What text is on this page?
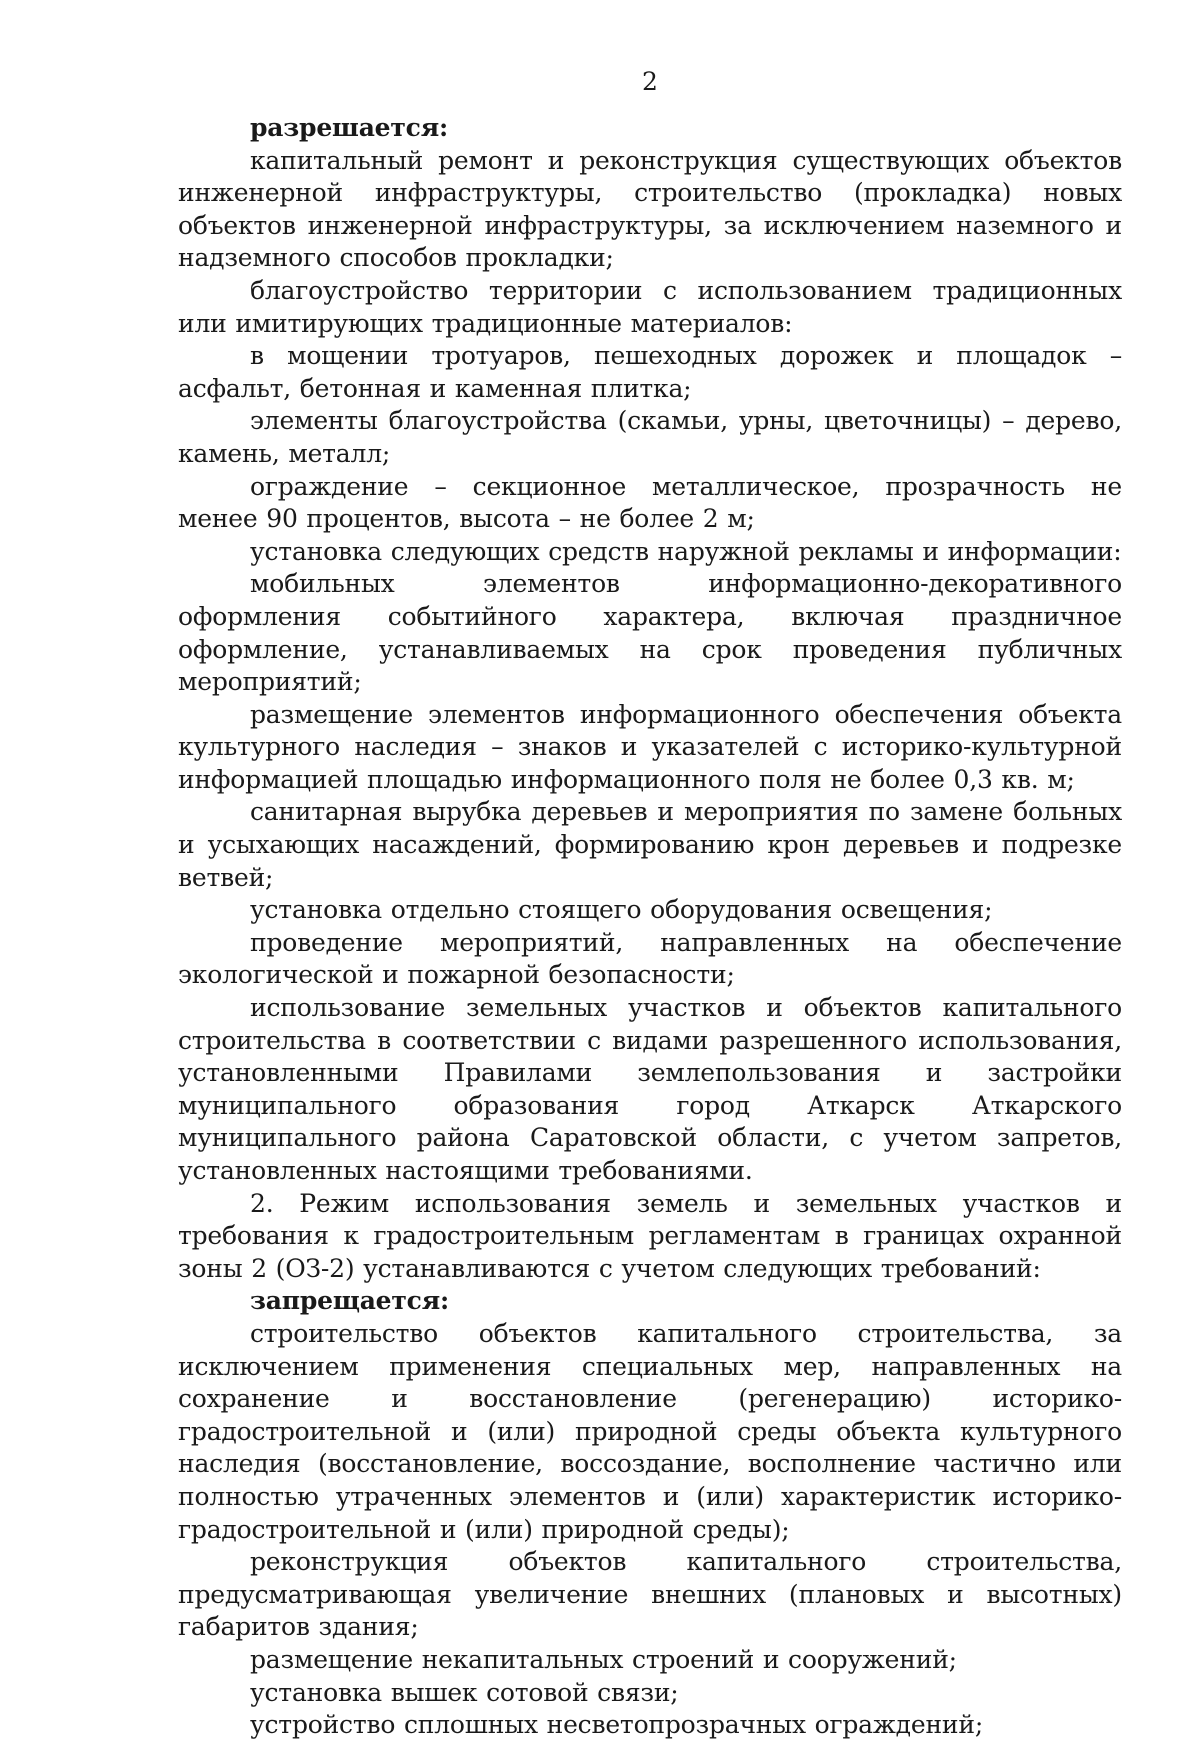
2

разрешается:

капитальный ремонт и реконструкция существующих объектов инженерной инфраструктуры, строительство (прокладка) новых объектов инженерной инфраструктуры, за исключением наземного и надземного способов прокладки;

благоустройство территории с использованием традиционных или имитирующих традиционные материалов:

в мощении тротуаров, пешеходных дорожек и площадок – асфальт, бетонная и каменная плитка;

элементы благоустройства (скамьи, урны, цветочницы) – дерево, камень, металл;

ограждение – секционное металлическое, прозрачность не менее 90 процентов, высота – не более 2 м;

установка следующих средств наружной рекламы и информации:

мобильных элементов информационно-декоративного оформления событийного характера, включая праздничное оформление, устанавливаемых на срок проведения публичных мероприятий;

размещение элементов информационного обеспечения объекта культурного наследия – знаков и указателей с историко-культурной информацией площадью информационного поля не более 0,3 кв. м;

санитарная вырубка деревьев и мероприятия по замене больных и усыхающих насаждений, формированию крон деревьев и подрезке ветвей;

установка отдельно стоящего оборудования освещения;

проведение мероприятий, направленных на обеспечение экологической и пожарной безопасности;

использование земельных участков и объектов капитального строительства в соответствии с видами разрешенного использования, установленными Правилами землепользования и застройки муниципального образования город Аткарск Аткарского муниципального района Саратовской области, с учетом запретов, установленных настоящими требованиями.

2. Режим использования земель и земельных участков и требования к градостроительным регламентам в границах охранной зоны 2 (ОЗ-2) устанавливаются с учетом следующих требований:

запрещается:

строительство объектов капитального строительства, за исключением применения специальных мер, направленных на сохранение и восстановление (регенерацию) историко-градостроительной и (или) природной среды объекта культурного наследия (восстановление, воссоздание, восполнение частично или полностью утраченных элементов и (или) характеристик историко-градостроительной и (или) природной среды);

реконструкция объектов капитального строительства, предусматривающая увеличение внешних (плановых и высотных) габаритов здания;

размещение некапитальных строений и сооружений;

установка вышек сотовой связи;

устройство сплошных несветопрозрачных ограждений;
